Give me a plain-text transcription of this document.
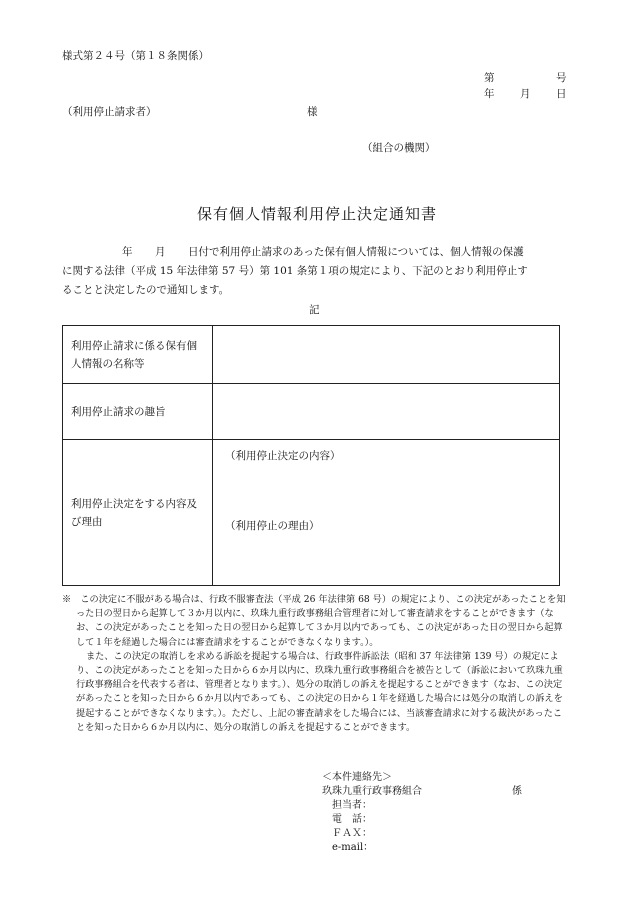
様式第２４号（第１８条関係）
第	号
年 月 日
（利用停止請求者）	様
（組合の機関）
保有個人情報利用停止決定通知書
年 月 日付で利用停止請求のあった保有個人情報については、個人情報の保護
に関する法律（平成 15 年法律第 57 号）第 101 条第１項の規定により、下記のとおり利用停止す
ることと決定したので通知します。
記
利用停止請求に係る保有個人情報の名称等	
利用停止請求の趣旨	
利用停止決定をする内容及び理由	（利用停止決定の内容）
（利用停止の理由）

※　 この決定に不服がある場合は、行政不服審査法（平成 26 年法律第 68 号）の規定により、この決定があったことを知った日の翌日から起算して３か月以内に、玖珠九重行政事務組合管理者に対して審査請求をすることができます（なお、この決定があったことを知った日の翌日から起算して３か月以内であっても、この決定があった日の翌日から起算して１年を経過した場合には審査請求をすることができなくなります。）。

また、この決定の取消しを求める訴訟を提起する場合は、行政事件訴訟法（昭和 37 年法律第 139 号）の規定により、この決定があったことを知った日から６か月以内に、玖珠九重行政事務組合を被告として（訴訟において玖珠九重行政事務組合を代表する者は、管理者となります。）、処分の取消しの訴えを提起することができます（なお、この決定があったことを知った日から６か月以内であっても、この決定の日から１年を経過した場合には処分の取消しの訴えを提起することができなくなります。）。ただし、上記の審査請求をした場合には、当該審査請求に対する裁決があったことを知った日から６か月以内に、処分の取消しの訴えを提起することができます。

＜本件連絡先＞
玖珠九重行政事務組合	係
担当者：
電　話：
ＦＡＸ：
e-mail：
